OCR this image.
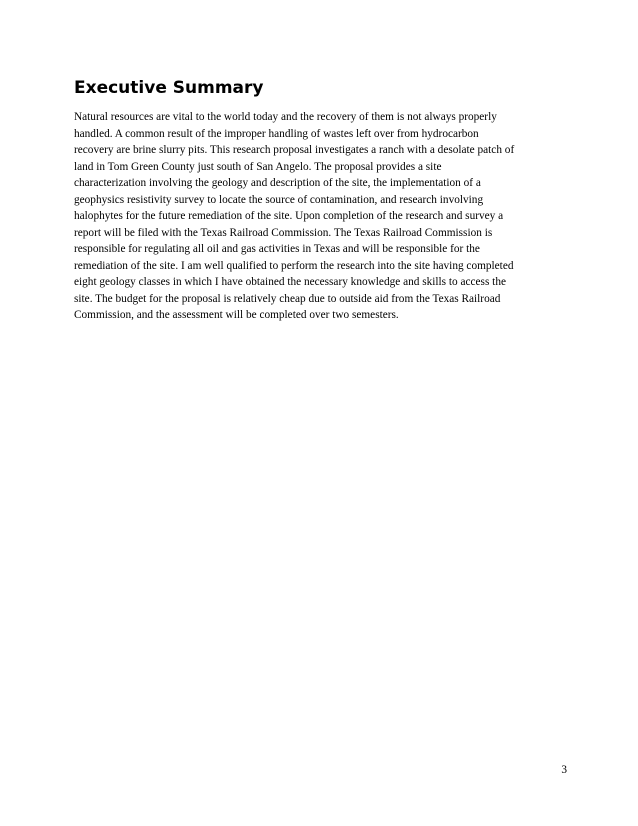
Executive Summary
Natural resources are vital to the world today and the recovery of them is not always properly
handled. A common result of the improper handling of wastes left over from hydrocarbon
recovery are brine slurry pits. This research proposal investigates a ranch with a desolate patch of
land in Tom Green County just south of San Angelo. The proposal provides a site
characterization involving the geology and description of the site, the implementation of a
geophysics resistivity survey to locate the source of contamination, and research involving
halophytes for the future remediation of the site. Upon completion of the research and survey a
report will be filed with the Texas Railroad Commission. The Texas Railroad Commission is
responsible for regulating all oil and gas activities in Texas and will be responsible for the
remediation of the site. I am well qualified to perform the research into the site having completed
eight geology classes in which I have obtained the necessary knowledge and skills to access the
site. The budget for the proposal is relatively cheap due to outside aid from the Texas Railroad
Commission, and the assessment will be completed over two semesters.
3
